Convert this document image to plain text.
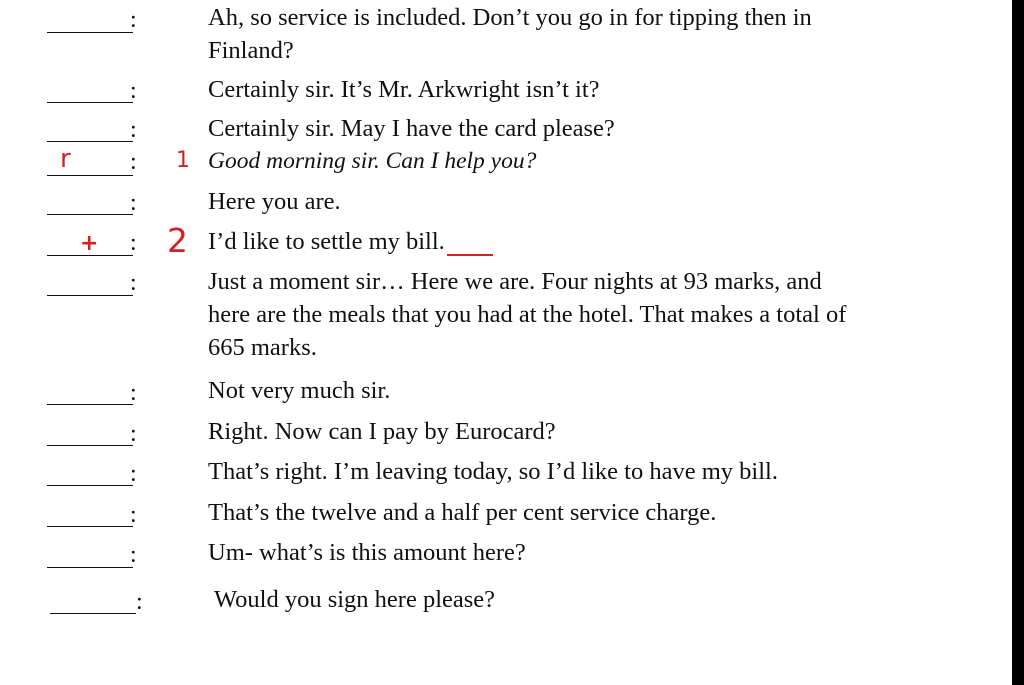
:	Ah, so service is included. Don’t you go in for tipping then in
Finland?
:	Certainly sir. It’s Mr. Arkwright isn’t it?
:	Certainly sir. May I have the card please?
r : 1 Good morning sir. Can I help you?
:	Here you are.
+ : 2 I’d like to settle my bill.
:	Just a moment sir… Here we are. Four nights at 93 marks, and
here are the meals that you had at the hotel. That makes a total of
665 marks.
:	Not very much sir.
:	Right. Now can I pay by Eurocard?
:	That’s right. I’m leaving today, so I’d like to have my bill.
:	That’s the twelve and a half per cent service charge.
:	Um- what’s is this amount here?
:	Would you sign here please?
